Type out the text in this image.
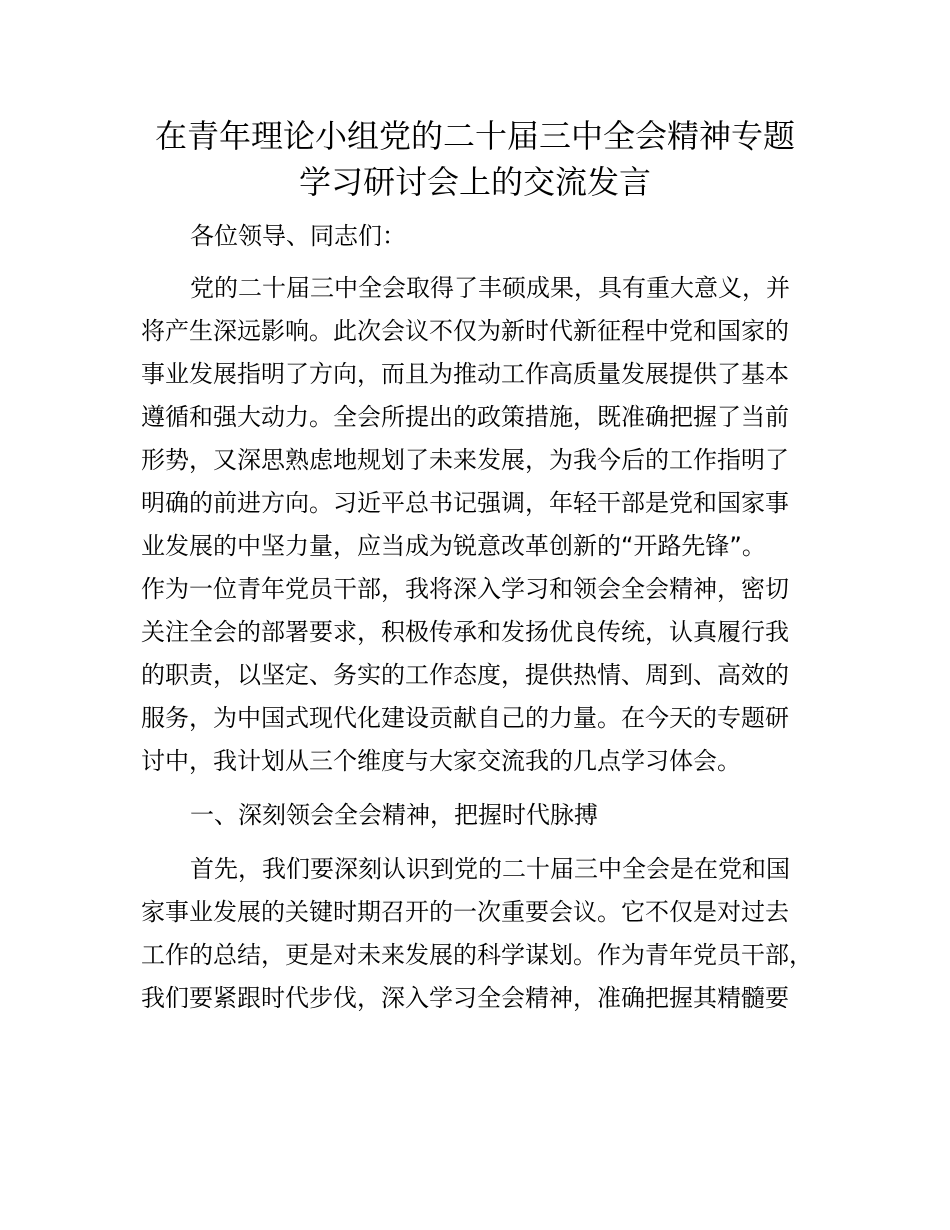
在青年理论小组党的二十届三中全会精神专题
学习研讨会上的交流发言

各位领导、同志们：

党的二十届三中全会取得了丰硕成果，具有重大意义，并

将产生深远影响。此次会议不仅为新时代新征程中党和国家的

事业发展指明了方向，而且为推动工作高质量发展提供了基本

遵循和强大动力。全会所提出的政策措施，既准确把握了当前

形势，又深思熟虑地规划了未来发展，为我今后的工作指明了

明确的前进方向。习近平总书记强调，年轻干部是党和国家事

业发展的中坚力量，应当成为锐意改革创新的“开路先锋”。

作为一位青年党员干部，我将深入学习和领会全会精神，密切

关注全会的部署要求，积极传承和发扬优良传统，认真履行我

的职责，以坚定、务实的工作态度，提供热情、周到、高效的

服务，为中国式现代化建设贡献自己的力量。在今天的专题研

讨中，我计划从三个维度与大家交流我的几点学习体会。

一、深刻领会全会精神，把握时代脉搏

首先，我们要深刻认识到党的二十届三中全会是在党和国

家事业发展的关键时期召开的一次重要会议。它不仅是对过去

工作的总结，更是对未来发展的科学谋划。作为青年党员干部，

我们要紧跟时代步伐，深入学习全会精神，准确把握其精髓要
